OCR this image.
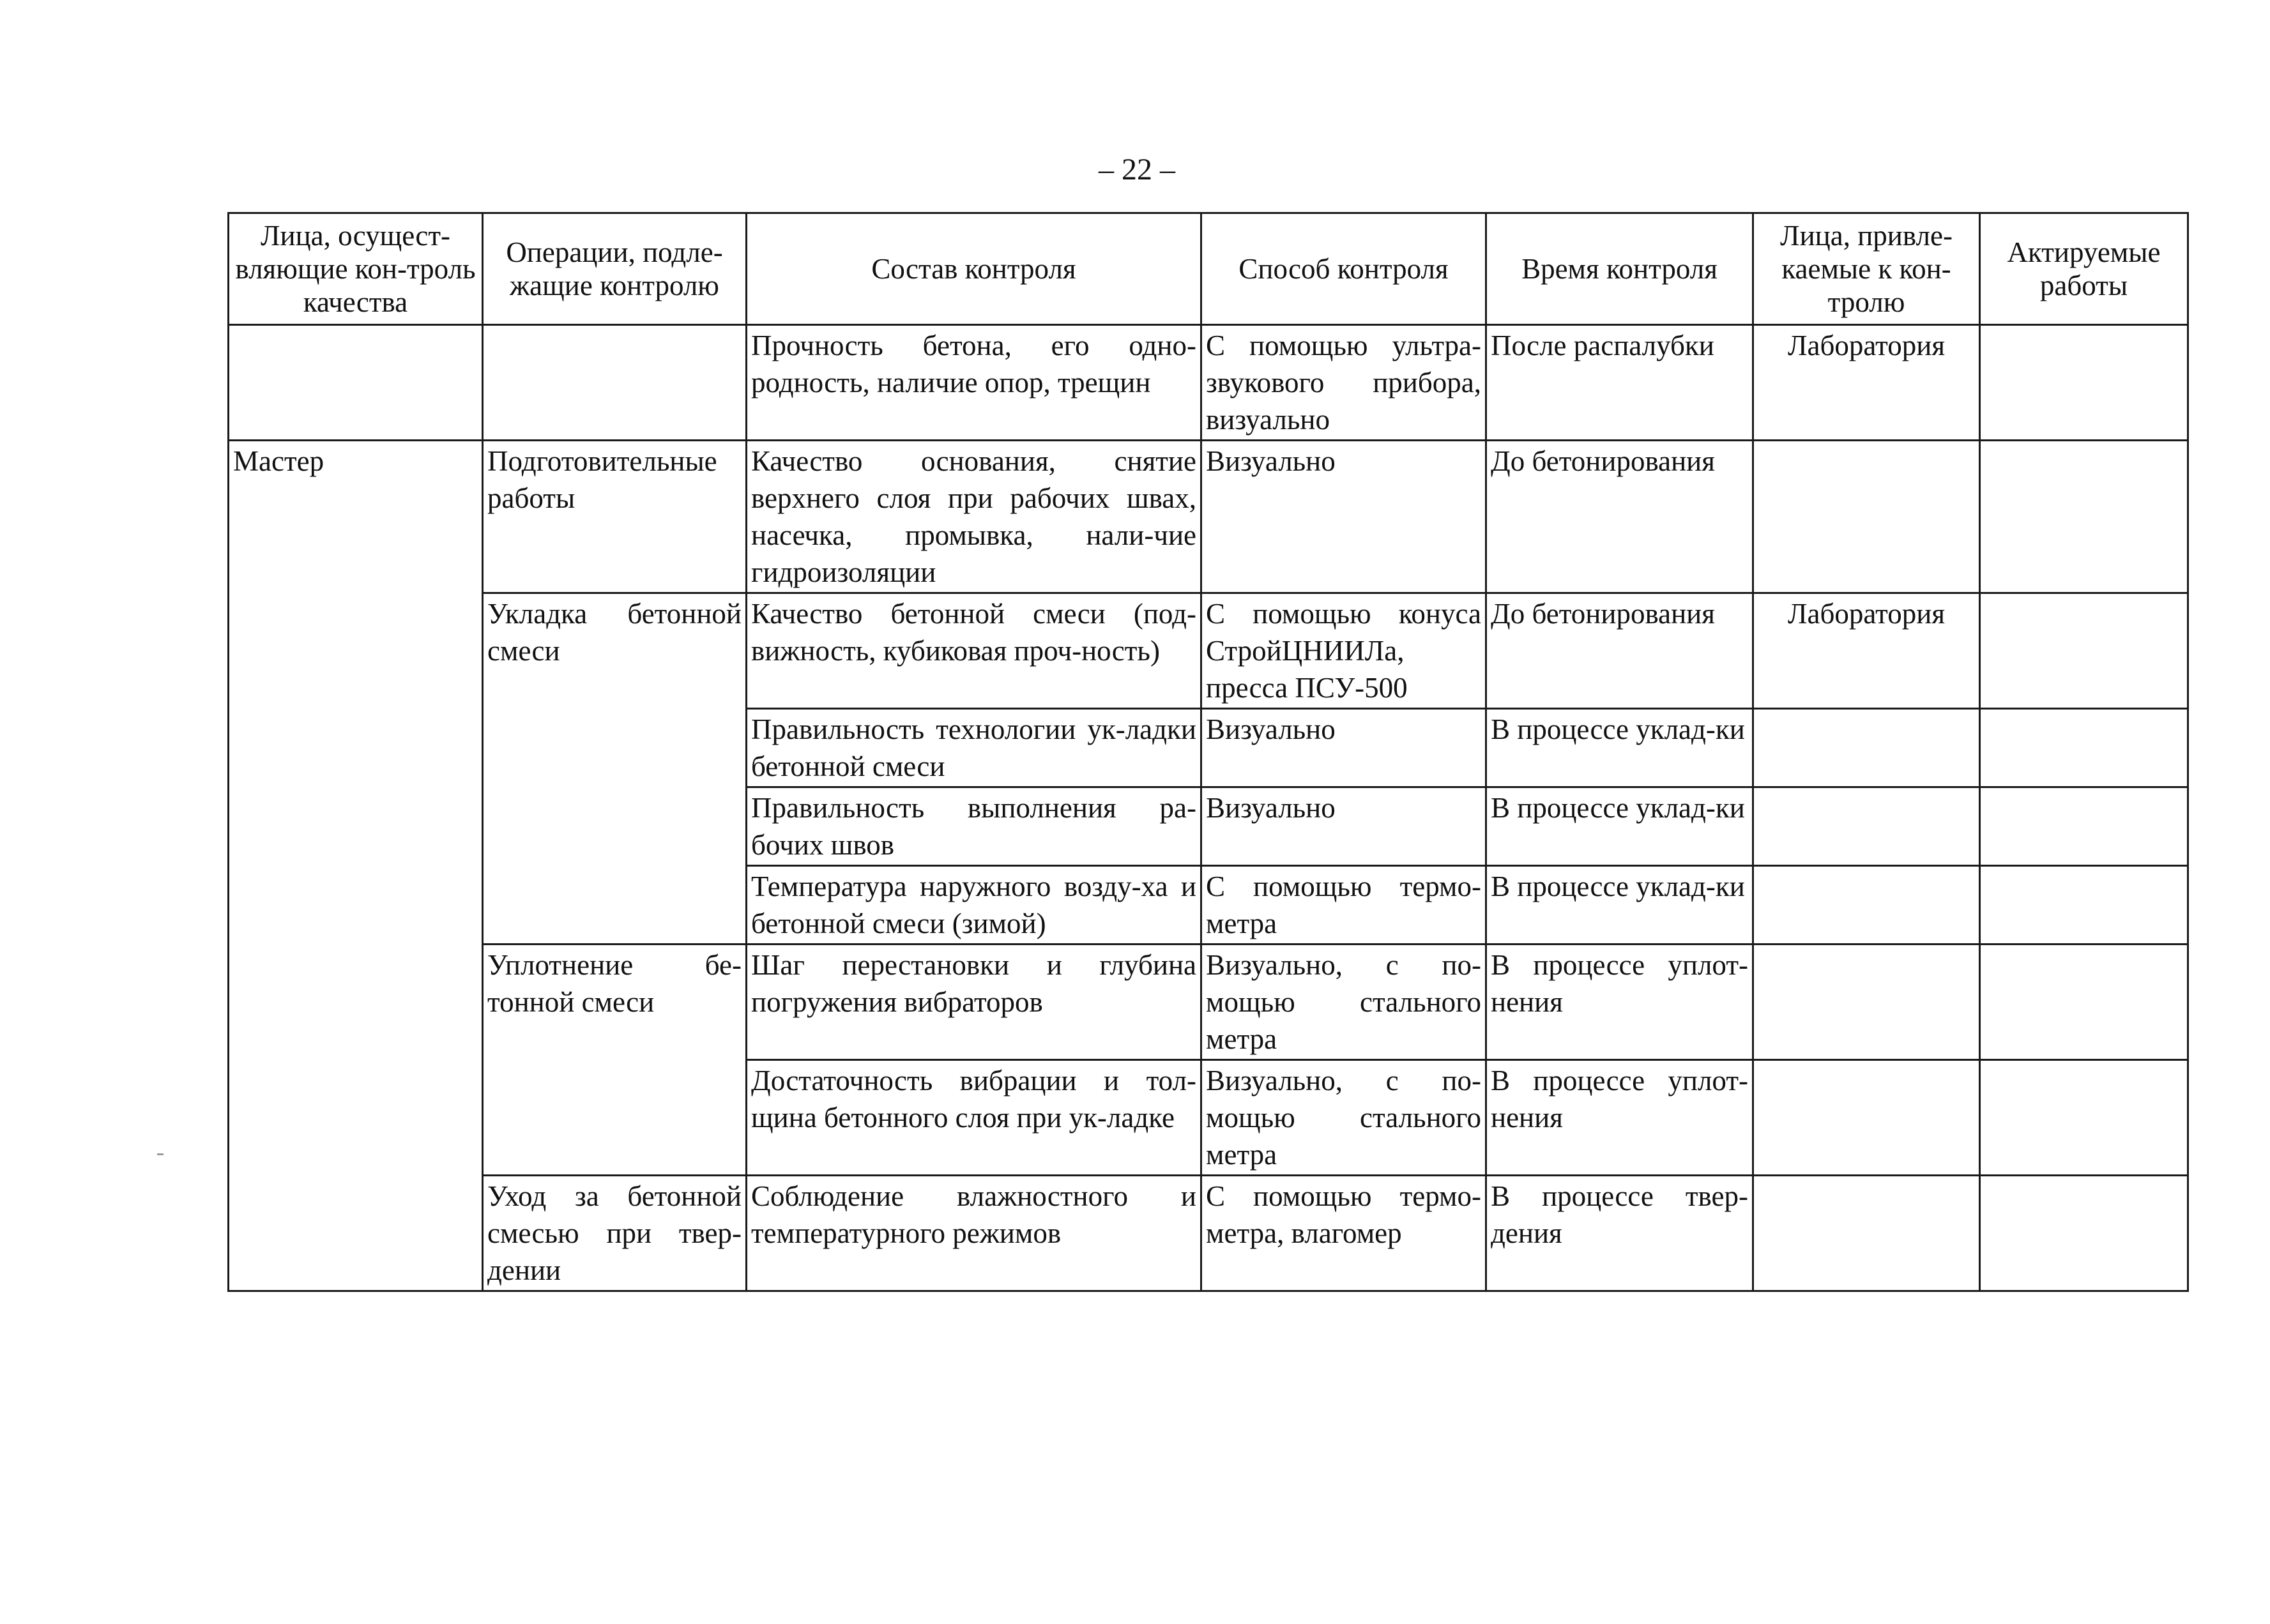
– 22 –
Лица, осущест-вляющие кон-троль качества	Операции, подле-жащие контролю	Состав контроля	Способ контроля	Время контроля	Лица, привле-каемые к кон-тролю	Актируемые работы
		Прочность бетона, его одно-родность, наличие опор, трещин	С помощью ультра-звукового прибора, визуально	После распалубки	Лаборатория	
Мастер	Подготовительные работы	Качество основания, снятие верхнего слоя при рабочих швах, насечка, промывка, нали-чие гидроизоляции	Визуально	До бетонирования		
	Укладка бетонной смеси	Качество бетонной смеси (под-вижность, кубиковая проч-ность)	С помощью конуса СтройЦНИИЛа, пресса ПСУ-500	До бетонирования	Лаборатория	
		Правильность технологии ук-ладки бетонной смеси	Визуально	В процессе уклад-ки		
		Правильность выполнения ра-бочих швов	Визуально	В процессе уклад-ки		
		Температура наружного возду-ха и бетонной смеси (зимой)	С помощью термо-метра	В процессе уклад-ки		
	Уплотнение бе-тонной смеси	Шаг перестановки и глубина погружения вибраторов	Визуально, с по-мощью стального метра	В процессе уплот-нения		
		Достаточность вибрации и тол-щина бетонного слоя при ук-ладке	Визуально, с по-мощью стального метра	В процессе уплот-нения		
	Уход за бетонной смесью при твер-дении	Соблюдение влажностного и температурного режимов	С помощью термо-метра, влагомер	В процессе твер-дения		
